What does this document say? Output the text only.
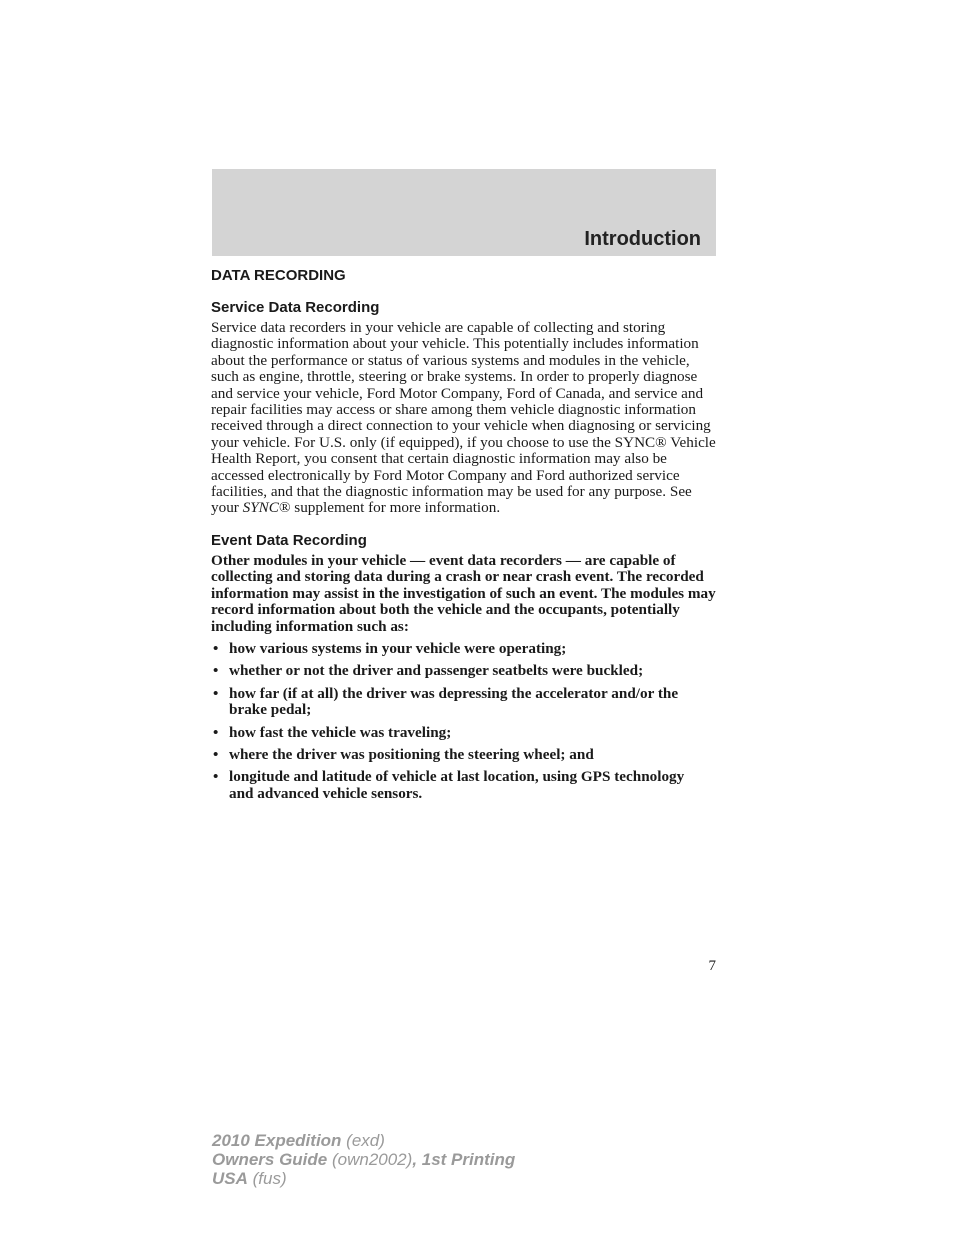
Introduction
DATA RECORDING
Service Data Recording

Service data recorders in your vehicle are capable of collecting and storing diagnostic information about your vehicle. This potentially includes information about the performance or status of various systems and modules in the vehicle, such as engine, throttle, steering or brake systems. In order to properly diagnose and service your vehicle, Ford Motor Company, Ford of Canada, and service and repair facilities may access or share among them vehicle diagnostic information received through a direct connection to your vehicle when diagnosing or servicing your vehicle. For U.S. only (if equipped), if you choose to use the SYNC® Vehicle Health Report, you consent that certain diagnostic information may also be accessed electronically by Ford Motor Company and Ford authorized service facilities, and that the diagnostic information may be used for any purpose. See your SYNC® supplement for more information.

Event Data Recording

Other modules in your vehicle — event data recorders — are capable of collecting and storing data during a crash or near crash event. The recorded information may assist in the investigation of such an event. The modules may record information about both the vehicle and the occupants, potentially including information such as:

• how various systems in your vehicle were operating;
• whether or not the driver and passenger seatbelts were buckled;
• how far (if at all) the driver was depressing the accelerator and/or the brake pedal;
• how fast the vehicle was traveling;
• where the driver was positioning the steering wheel; and
• longitude and latitude of vehicle at last location, using GPS technology and advanced vehicle sensors.
7
2010 Expedition (exd)
Owners Guide (own2002), 1st Printing
USA (fus)
